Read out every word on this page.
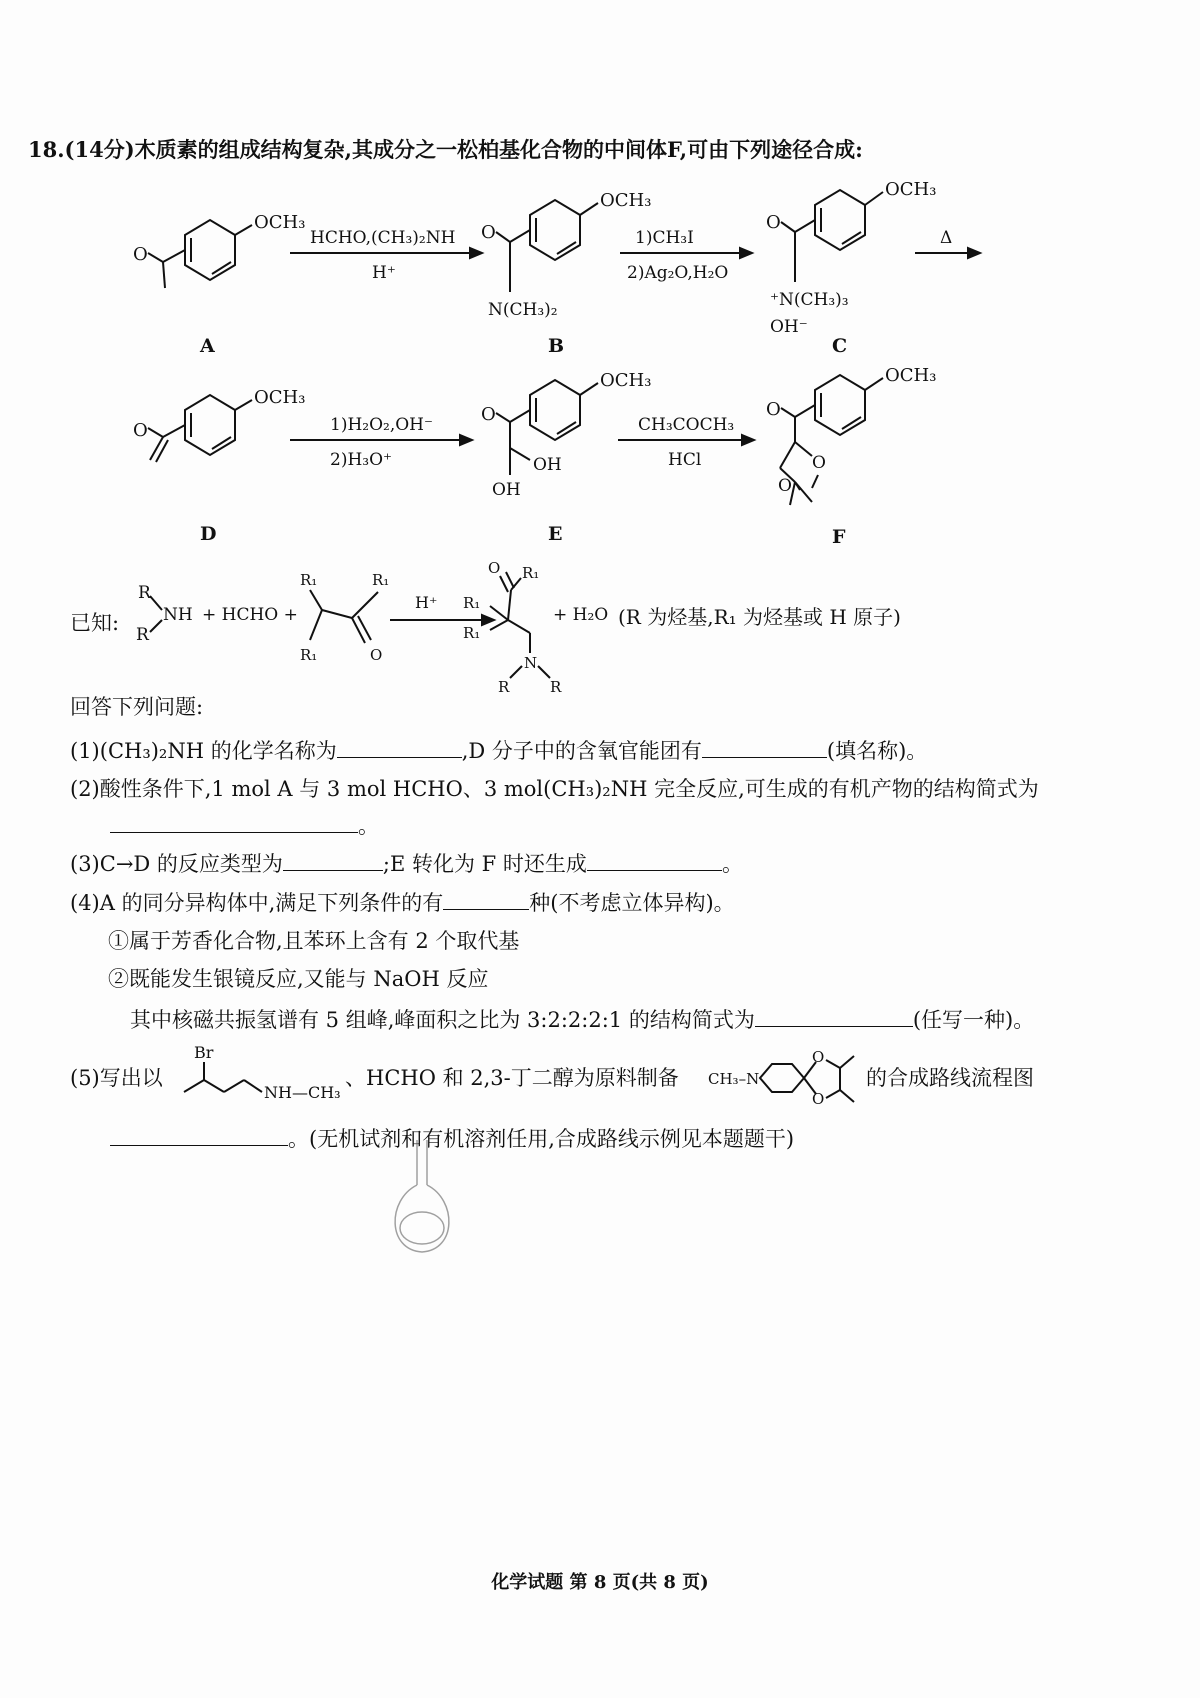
18.(14分)木质素的组成结构复杂,其成分之一松柏基化合物的中间体F,可由下列途径合成:
OCH₃
O
A
HCHO,(CH₃)₂NH
H⁺
OCH₃
O
N(CH₃)₂
B
1)CH₃I
2)Ag₂O,H₂O
OCH₃
O
⁺N(CH₃)₃
OH⁻
C
Δ
OCH₃
O
D
1)H₂O₂,OH⁻
2)H₃O⁺
OCH₃
O
OH
OH
E
CH₃COCH₃
HCl
OCH₃
O
O
O
F
已知:
R
R
NH + HCHO +
R₁	R₁
R₁	O
H⁺
O R₁
R₁
R₁
N
R	R
+ H₂O (R 为烃基,R₁ 为烃基或 H 原子)
回答下列问题:
(1)(CH₃)₂NH 的化学名称为	,D 分子中的含氧官能团有	(填名称)。
(2)酸性条件下,1 mol A 与 3 mol HCHO、3 mol(CH₃)₂NH 完全反应,可生成的有机产物的结构简式为
。
(3)C→D 的反应类型为	;E 转化为 F 时还生成	。
(4)A 的同分异构体中,满足下列条件的有	种(不考虑立体异构)。
①属于芳香化合物,且苯环上含有 2 个取代基
②既能发生银镜反应,又能与 NaOH 反应
其中核磁共振氢谱有 5 组峰,峰面积之比为 3:2:2:2:1 的结构简式为	(任写一种)。
(5)写出以
Br
NH—CH₃
、HCHO 和 2,3-丁二醇为原料制备 CH₃–N
O
O
的合成路线流程图
。(无机试剂和有机溶剂任用,合成路线示例见本题题干)
化学试题 第 8 页(共 8 页)
